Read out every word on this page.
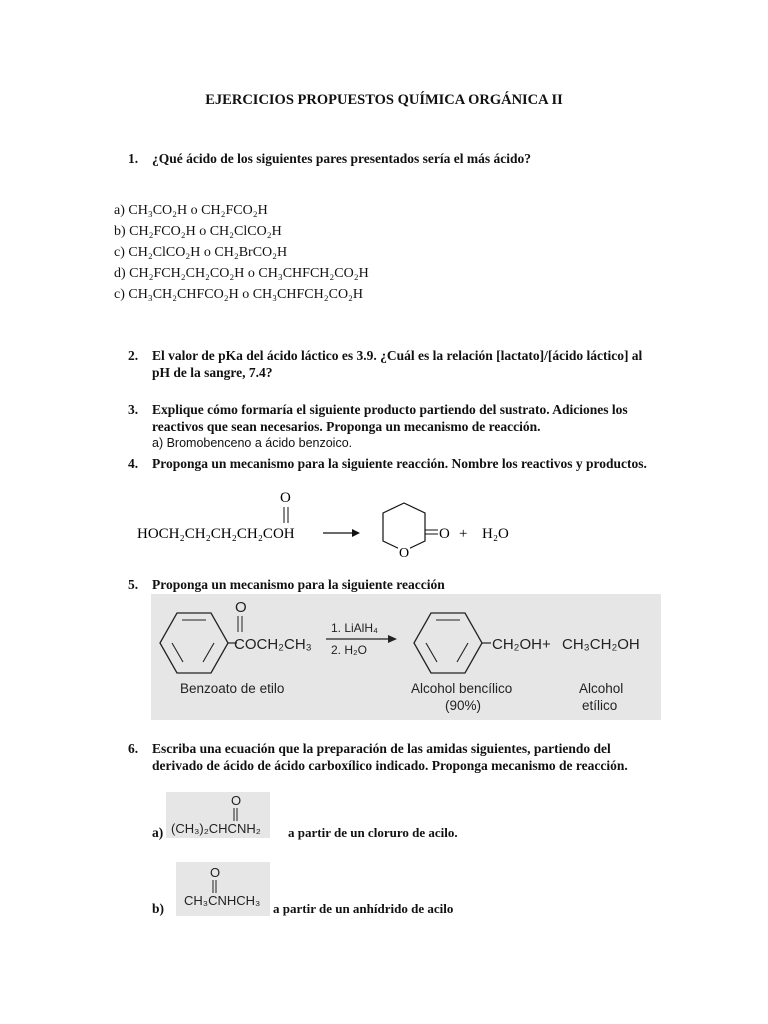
EJERCICIOS PROPUESTOS QUÍMICA ORGÁNICA II
1. ¿Qué ácido de los siguientes pares presentados sería el más ácido?
a) CH₃CO₂H o CH₂FCO₂H
b) CH₂FCO₂H o CH₂ClCO₂H
c) CH₂ClCO₂H o CH₂BrCO₂H
d) CH₂FCH₂CH₂CO₂H o CH₃CHFCH₂CO₂H
c) CH₃CH₂CHFCO₂H o CH₃CHFCH₂CO₂H
2. El valor de pKa del ácido láctico es 3.9. ¿Cuál es la relación [lactato]/[ácido láctico] al
pH de la sangre, 7.4?
3. Explique cómo formaría el siguiente producto partiendo del sustrato. Adiciones los
reactivos que sean necesarios. Proponga un mecanismo de reacción.
a) Bromobenceno a ácido benzoico.
4. Proponga un mecanismo para la siguiente reacción. Nombre los reactivos y productos.
HOCH₂CH₂CH₂CH₂COH
O
O
O + H₂O
5. Proponga un mecanismo para la siguiente reacción
O
COCH₂CH₃
1. LiAlH₄
2. H₂O	CH₂OH + CH₃CH₂OH
Benzoato de etilo	Alcohol bencílico
(90%)
Alcohol
etílico
6. Escriba una ecuación que la preparación de las amidas siguientes, partiendo del
derivado de ácido de ácido carboxílico indicado. Proponga mecanismo de reacción.
a)
O
(CH₃)₂CHCNH₂ a partir de un cloruro de acilo.
b)
O
CH₃CNHCH₃
a partir de un anhídrido de acilo
